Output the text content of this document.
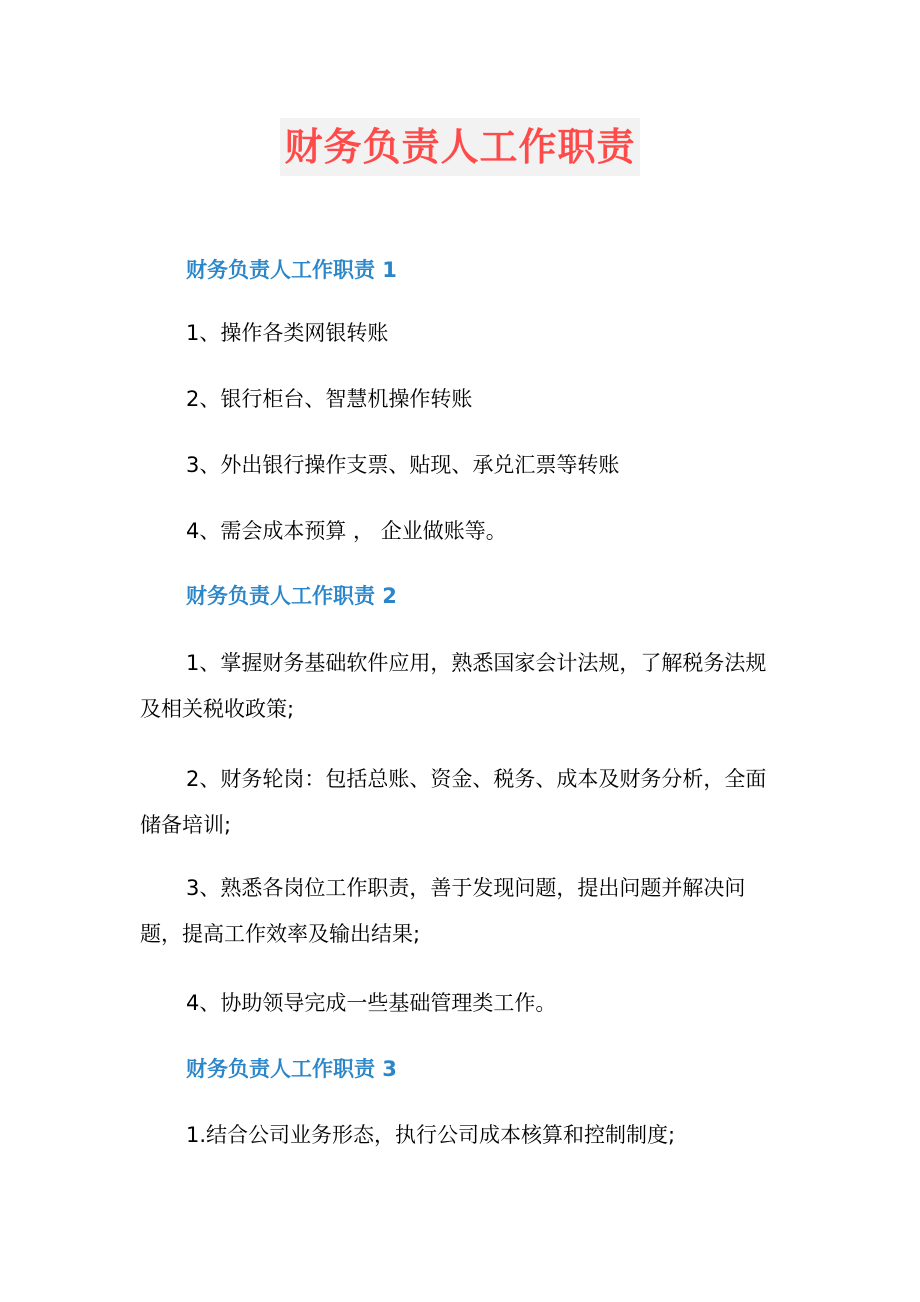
财务负责人工作职责
财务负责人工作职责 1
1、操作各类网银转账
2、银行柜台、智慧机操作转账
3、外出银行操作支票、贴现、承兑汇票等转账
4、需会成本预算 ， 企业做账等。
财务负责人工作职责 2
1、掌握财务基础软件应用，熟悉国家会计法规，了解税务法规及相关税收政策;
2、财务轮岗：包括总账、资金、税务、成本及财务分析，全面储备培训;
3、熟悉各岗位工作职责，善于发现问题，提出问题并解决问题，提高工作效率及输出结果;
4、协助领导完成一些基础管理类工作。
财务负责人工作职责 3
1.结合公司业务形态，执行公司成本核算和控制制度;
